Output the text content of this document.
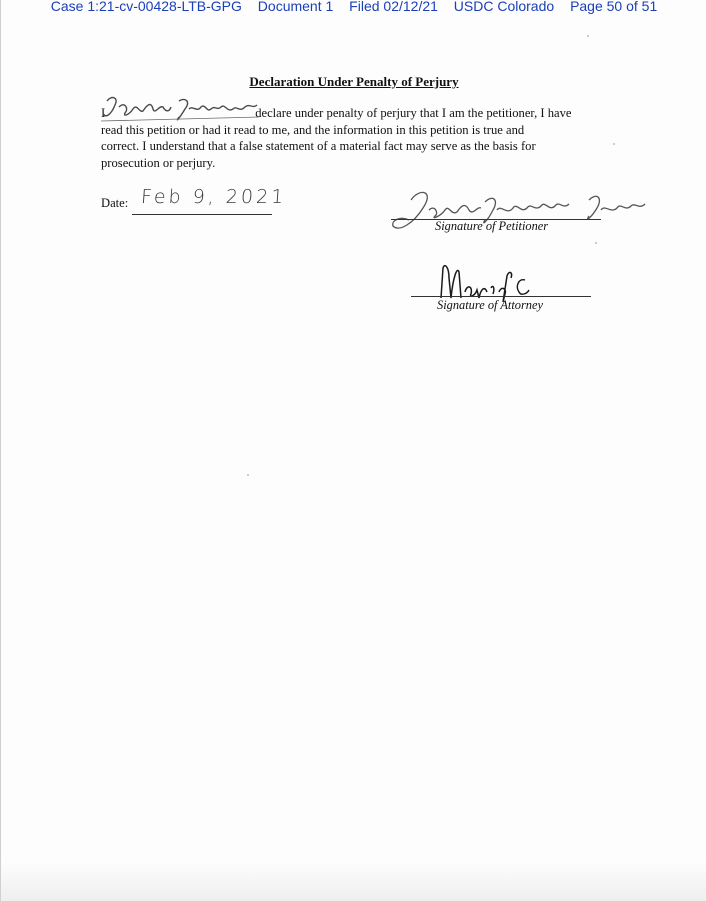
Case 1:21-cv-00428-LTB-GPG Document 1 Filed 02/12/21 USDC Colorado Page 50 of 51
Declaration Under Penalty of Perjury
I	declare under penalty of perjury that I am the petitioner, I have
read this petition or had it read to me, and the information in this petition is true and
correct. I understand that a false statement of a material fact may serve as the basis for
prosecution or perjury.
Date: Feb 9, 2021
Signature of Petitioner
Signature of Attorney
